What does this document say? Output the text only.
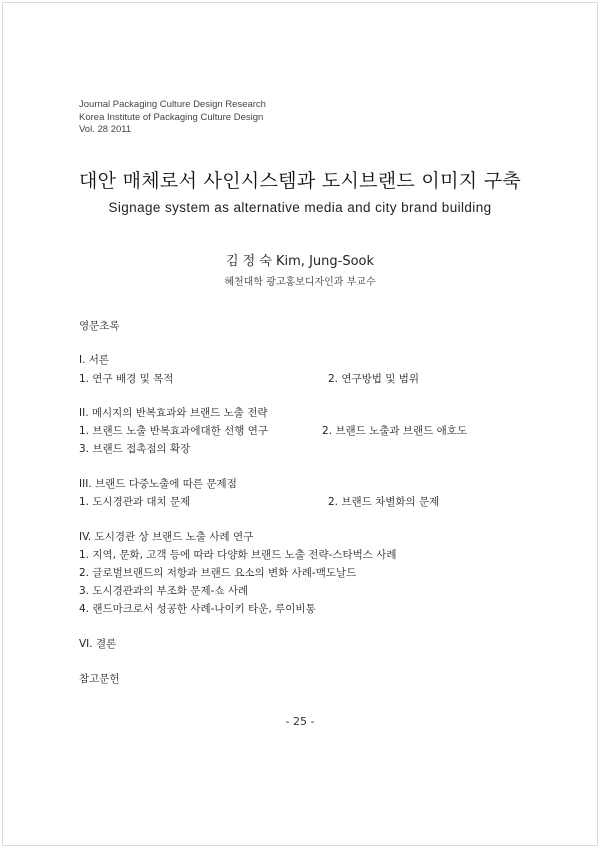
Journal Packaging Culture Design Research
Korea Institute of Packaging Culture Design
Vol. 28 2011
대안 매체로서 사인시스템과 도시브랜드 이미지 구축
Signage system as alternative media and city brand building
김 정 숙 Kim, Jung-Sook
혜천대학 광고홍보디자인과 부교수
영문초록
Ⅰ. 서론
1. 연구 배경 및 목적	2. 연구방법 및 범위
II. 메시지의 반복효과와 브랜드 노출 전략
1. 브랜드 노출 반복효과에대한 선행 연구	2. 브랜드 노출과 브랜드 애호도
3. 브랜드 접촉점의 확장
III. 브랜드 다중노출에 따른 문제점
1. 도시경관과 대치 문제	2. 브랜드 차별화의 문제
IV. 도시경관 상 브랜드 노출 사례 연구
1. 지역, 문화, 고객 등에 따라 다양화 브랜드 노출 전략-스타벅스 사례
2. 글로벌브랜드의 저항과 브랜드 요소의 변화 사례-맥도날드
3. 도시경관과의 부조화 문제-쇼 사례
4. 랜드마크로서 성공한 사례-나이키 타운, 루이비통
VI. 결론
참고문헌
- 25 -
